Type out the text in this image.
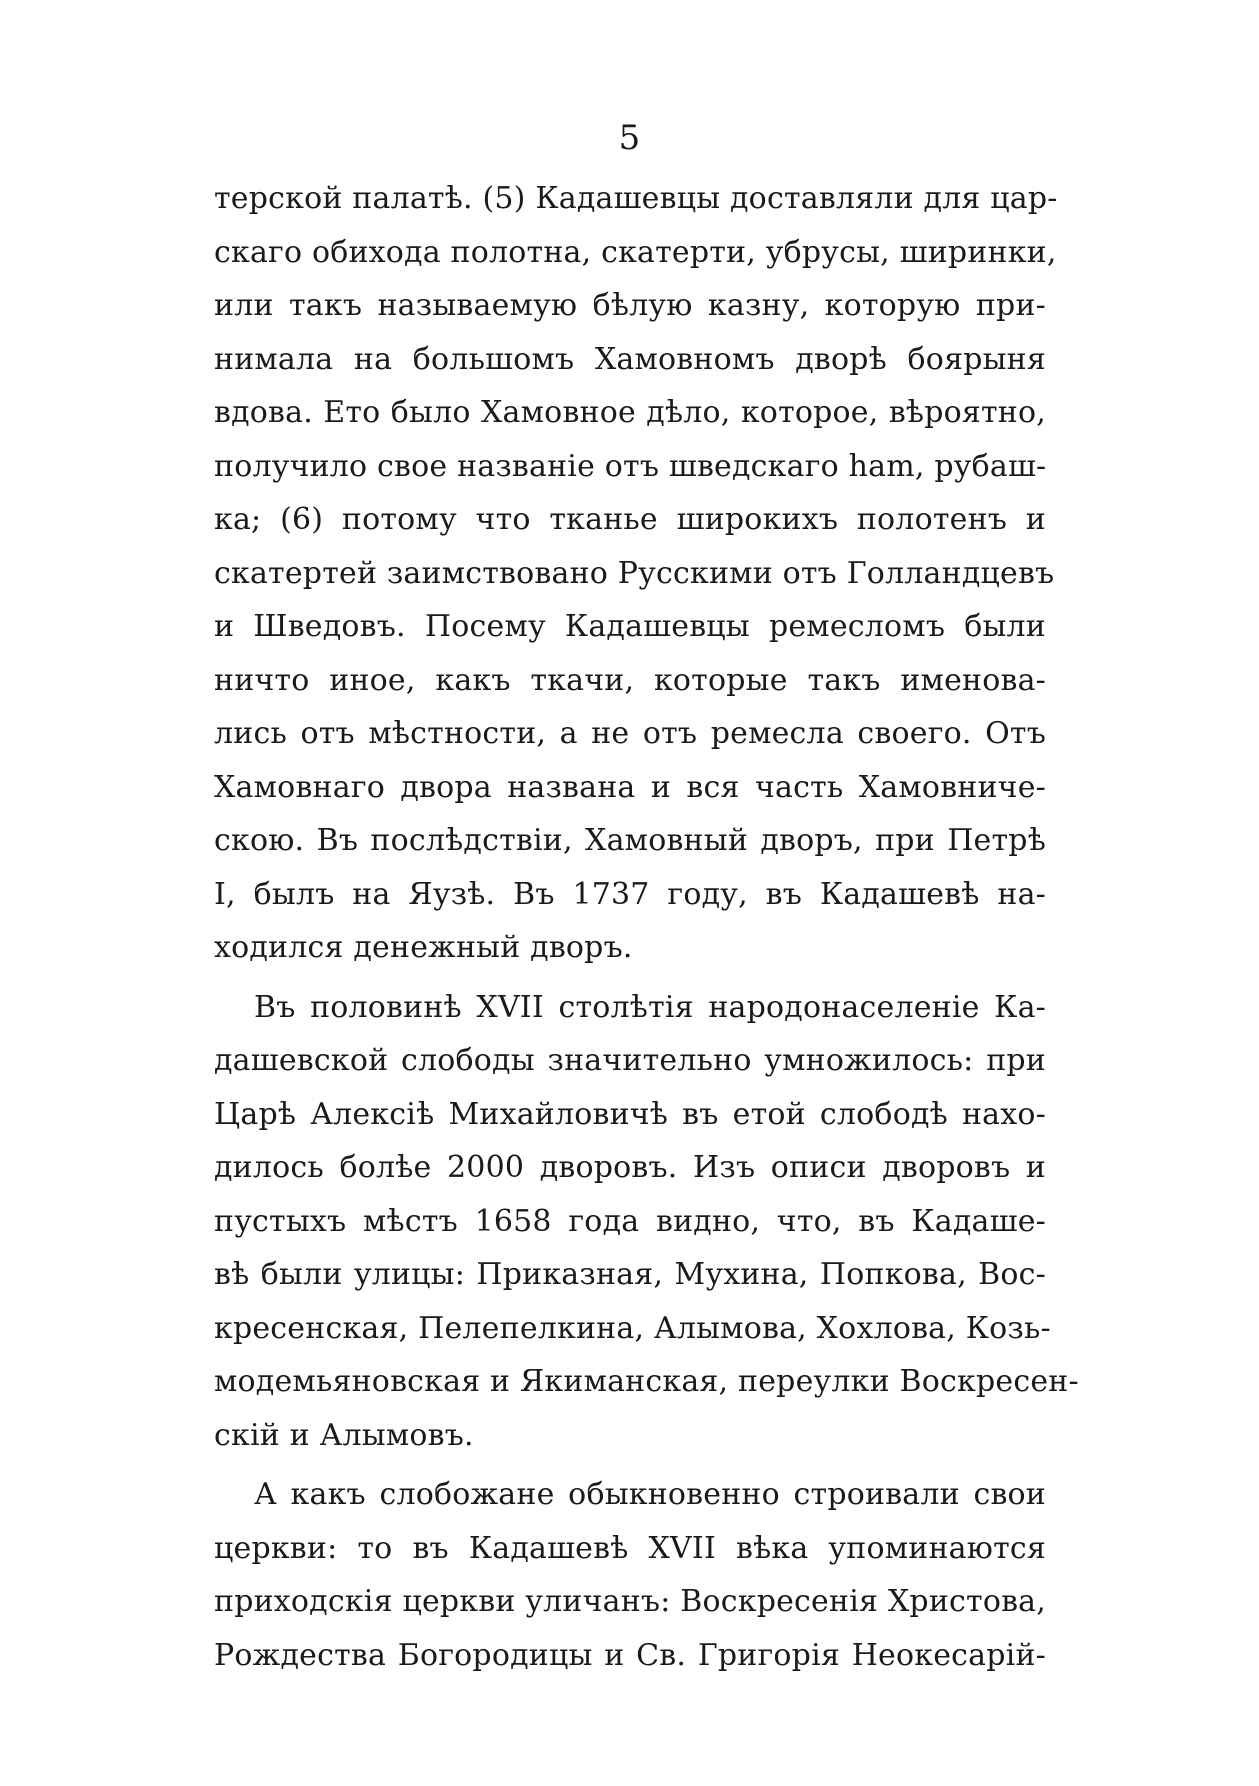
5
терской палатѣ. (5) Кадашевцы доставляли для цар-
скаго обихода полотна, скатерти, убрусы, ширинки,
или такъ называемую бѣлую казну, которую при-
нимала на большомъ Хамовномъ дворѣ боярыня
вдова. Ето было Хамовное дѣло, которое, вѣроятно,
получило свое названіе отъ шведскаго ham, рубаш-
ка; (6) потому что тканье широкихъ полотенъ и
скатертей заимствовано Русскими отъ Голландцевъ
и Шведовъ. Посему Кадашевцы ремесломъ были
ничто иное, какъ ткачи, которые такъ именова-
лись отъ мѣстности, а не отъ ремесла своего. Отъ
Хамовнаго двора названа и вся часть Хамовниче-
скою. Въ послѣдствіи, Хамовный дворъ, при Петрѣ
I, былъ на Яузѣ. Въ 1737 году, въ Кадашевѣ на-
ходился денежный дворъ.
Въ половинѣ XVII столѣтія народонаселеніе Ка-
дашевской слободы значительно умножилось: при
Царѣ Алексіѣ Михайловичѣ въ етой слободѣ нахо-
дилось болѣе 2000 дворовъ. Изъ описи дворовъ и
пустыхъ мѣстъ 1658 года видно, что, въ Кадаше-
вѣ были улицы: Приказная, Мухина, Попкова, Вос-
кресенская, Пелепелкина, Алымова, Хохлова, Козь-
модемьяновская и Якиманская, переулки Воскресен-
скій и Алымовъ.
А какъ слобожане обыкновенно строивали свои
церкви: то въ Кадашевѣ XVII вѣка упоминаются
приходскія церкви уличанъ: Воскресенія Христова,
Рождества Богородицы и Св. Григорія Неокесарій-
